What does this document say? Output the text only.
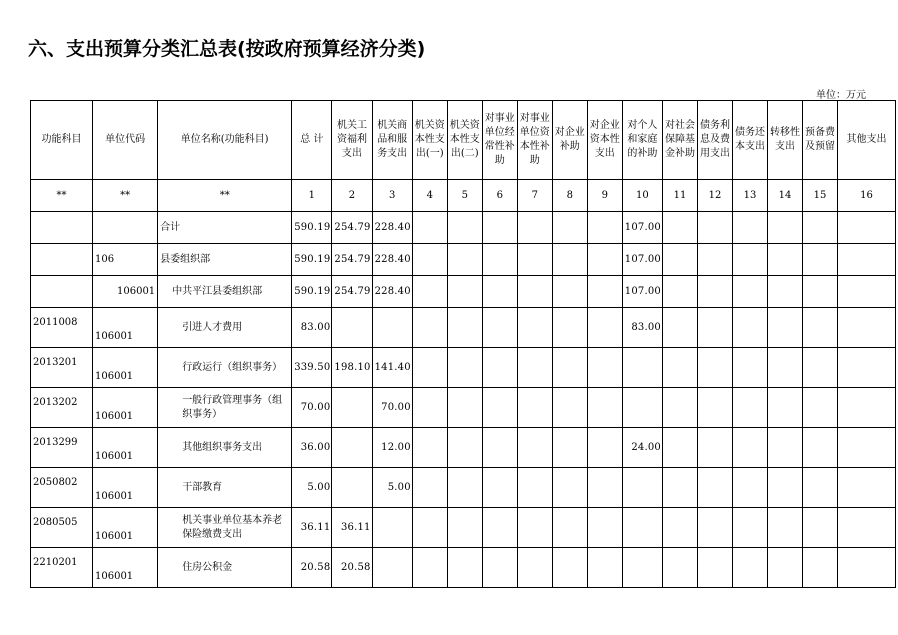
六、支出预算分类汇总表(按政府预算经济分类)
单位：万元
功能科目	单位代码	单位名称(功能科目)	总 计	机关工资福利支出	机关商品和服务支出	机关资本性支出(一)	机关资本性支出(二)	对事业单位经常性补助	对事业单位资本性补助	对企业补助	对企业资本性支出	对个人和家庭的补助	对社会保障基金补助	债务利息及费用支出	债务还本支出	转移性支出	预备费及预留	其他支出
**	**	**	1	2	3	4	5	6	7	8	9	10	11	12	13	14	15	16
		合计	590.19	254.79	228.40							107.00						
	106	县委组织部	590.19	254.79	228.40							107.00						
	106001	中共平江县委组织部	590.19	254.79	228.40							107.00						
2011008	106001	引进人才费用	83.00									83.00						
2013201	106001	行政运行（组织事务）	339.50	198.10	141.40													
2013202	106001	一般行政管理事务（组织事务）	70.00		70.00													
2013299	106001	其他组织事务支出	36.00		12.00							24.00						
2050802	106001	干部教育	5.00		5.00													
2080505	106001	机关事业单位基本养老保险缴费支出	36.11	36.11														
2210201	106001	住房公积金	20.58	20.58														
